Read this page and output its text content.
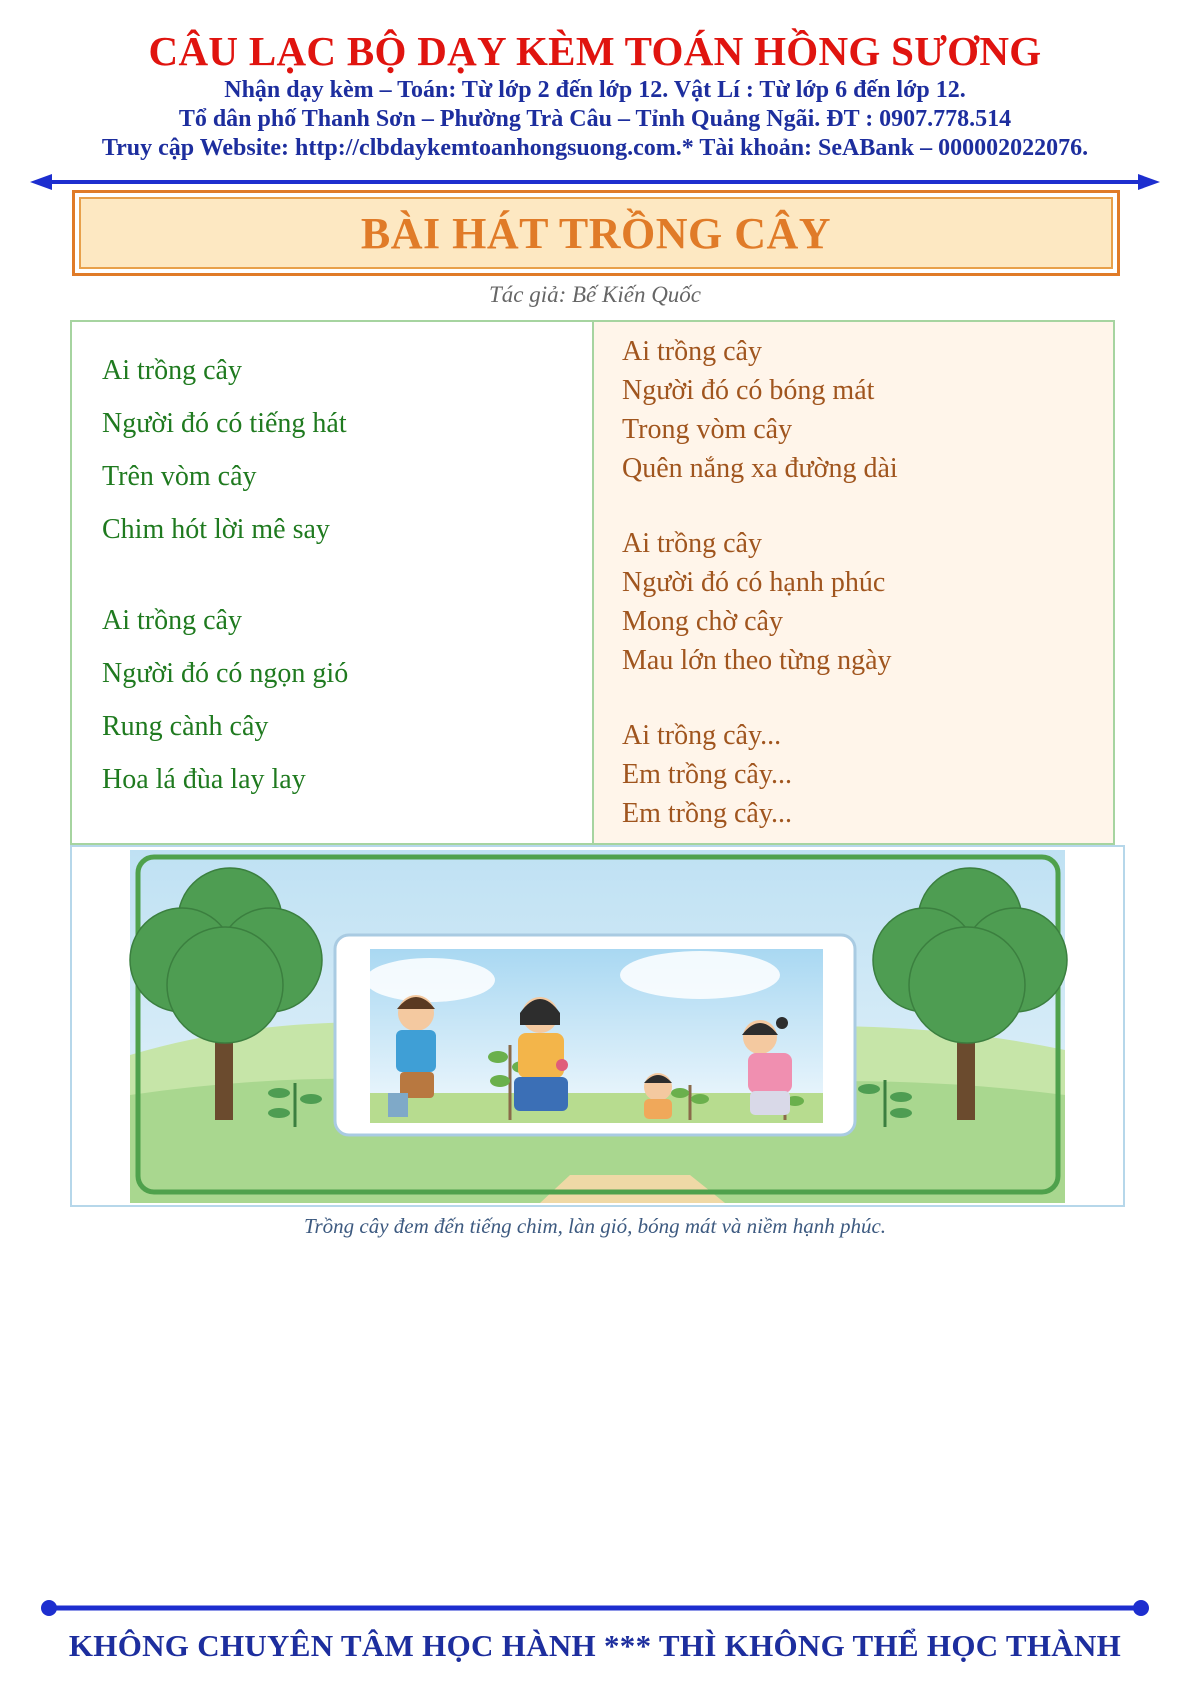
CÂU LẠC BỘ DẠY KÈM TOÁN HỒNG SƯƠNG
Nhận dạy kèm – Toán: Từ lớp 2 đến lớp 12. Vật Lí : Từ lớp 6 đến lớp 12.
Tổ dân phố Thanh Sơn – Phường Trà Câu – Tỉnh Quảng Ngãi. ĐT : 0907.778.514
Truy cập Website: http://clbdaykemtoanhongsuong.com.* Tài khoản: SeABank – 000002022076.
BÀI HÁT TRỒNG CÂY
Tác giả: Bế Kiến Quốc
Ai trồng cây
Người đó có tiếng hát
Trên vòm cây
Chim hót lời mê say
Ai trồng cây
Người đó có ngọn gió
Rung cành cây
Hoa lá đùa lay lay
Ai trồng cây
Người đó có bóng mát
Trong vòm cây
Quên nắng xa đường dài
Ai trồng cây
Người đó có hạnh phúc
Mong chờ cây
Mau lớn theo từng ngày
Ai trồng cây...
Em trồng cây...
Em trồng cây...
Trồng cây đem đến tiếng chim, làn gió, bóng mát và niềm hạnh phúc.
KHÔNG CHUYÊN TÂM HỌC HÀNH *** THÌ KHÔNG THỂ HỌC THÀNH
